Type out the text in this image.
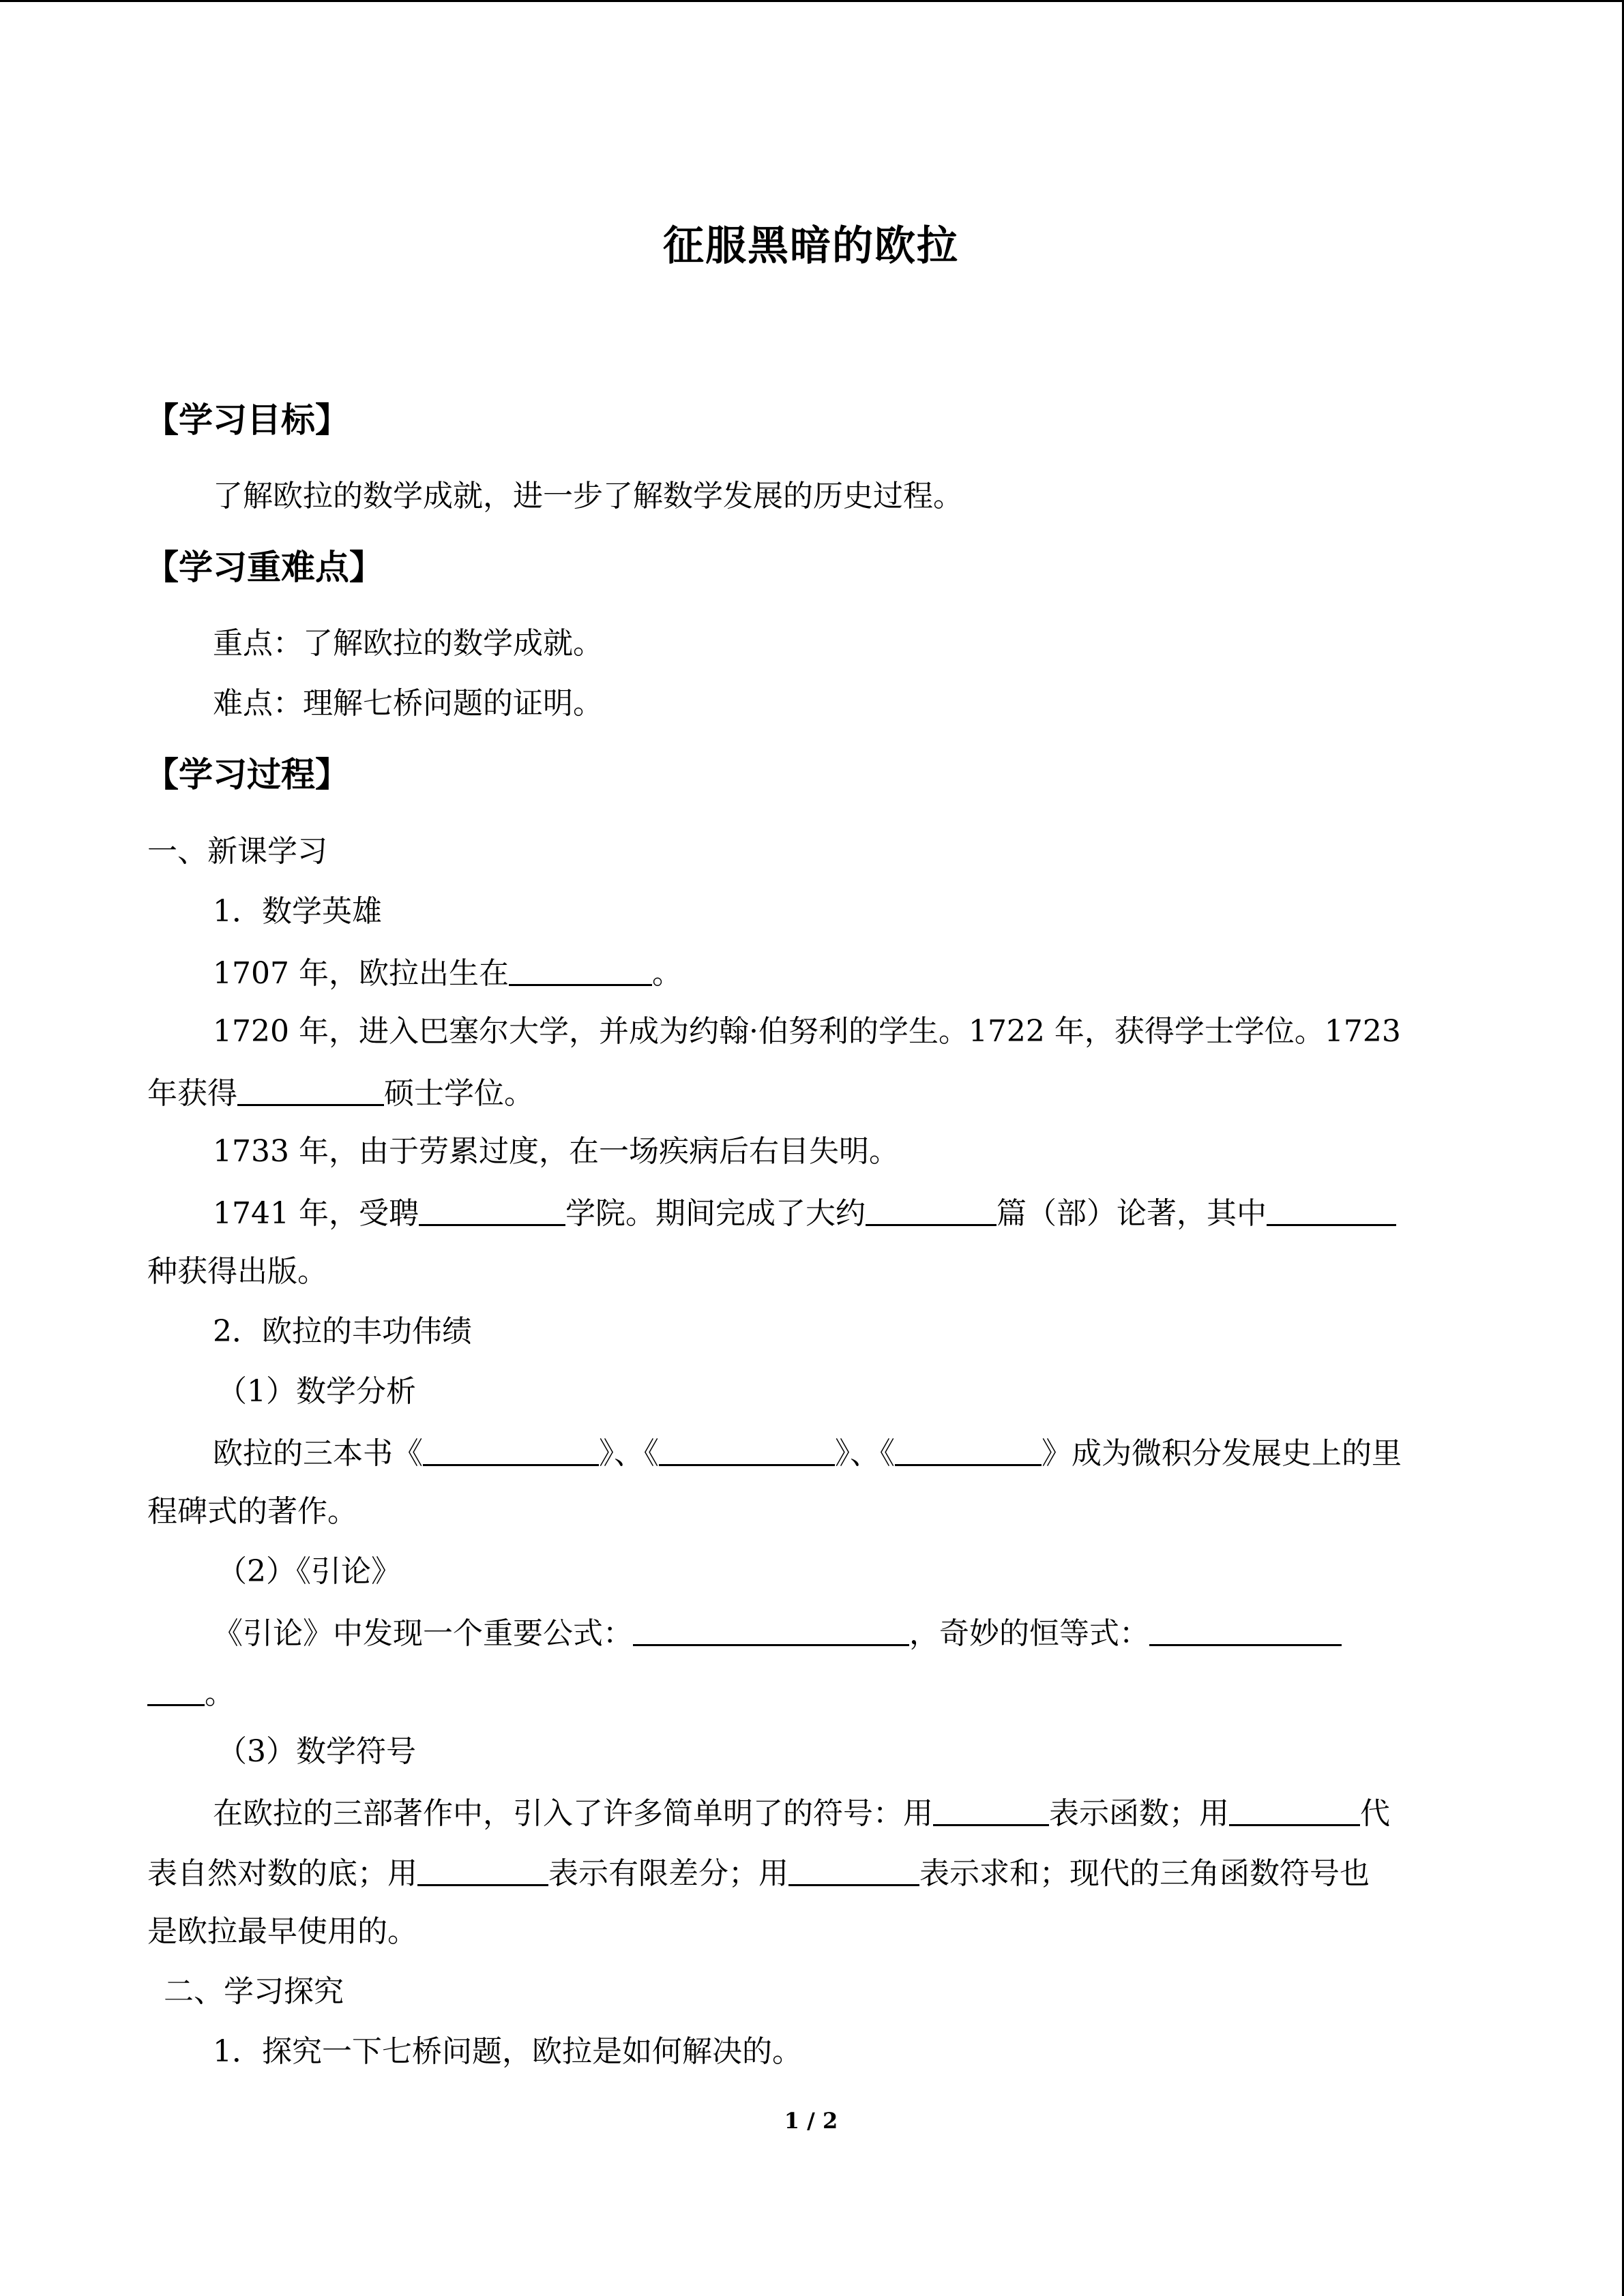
征服黑暗的欧拉
【学习目标】
了解欧拉的数学成就，进一步了解数学发展的历史过程。
【学习重难点】
重点：了解欧拉的数学成就。
难点：理解七桥问题的证明。
【学习过程】
一、新课学习
1．数学英雄
1707 年，欧拉出生在	。
1720 年，进入巴塞尔大学，并成为约翰·伯努利的学生。1722 年，获得学士学位。1723
年获得	硕士学位。
1733 年，由于劳累过度，在一场疾病后右目失明。
1741 年，受聘	学院。期间完成了大约	篇（部）论著，其中
种获得出版。
2．欧拉的丰功伟绩
（1）数学分析
欧拉的三本书《	》、《	》、《	》成为微积分发展史上的里
程碑式的著作。
（2）《引论》
《引论》中发现一个重要公式：	，奇妙的恒等式：
。
（3）数学符号
在欧拉的三部著作中，引入了许多简单明了的符号：用	表示函数；用	代
表自然对数的底；用	表示有限差分；用	表示求和；现代的三角函数符号也
是欧拉最早使用的。
二、学习探究
1．探究一下七桥问题，欧拉是如何解决的。
1 / 2
